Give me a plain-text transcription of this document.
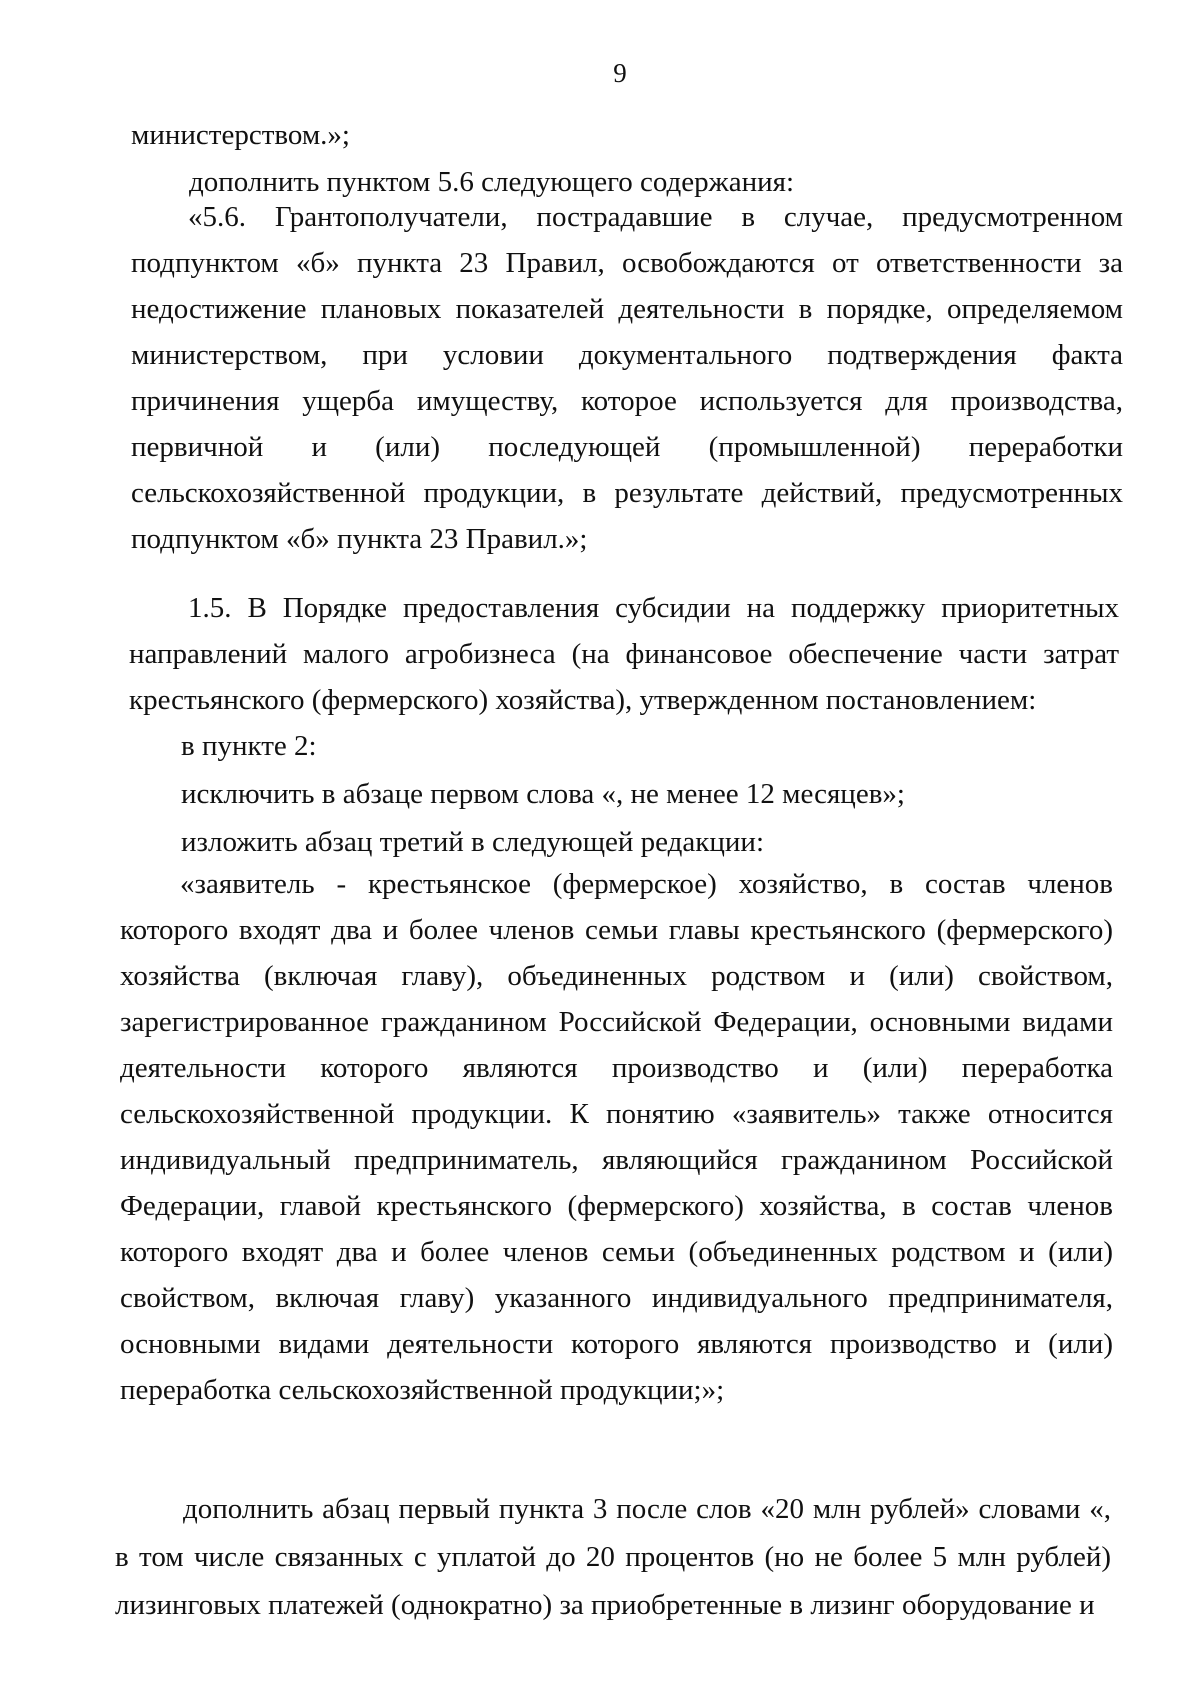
9

министерством.»;

дополнить пунктом 5.6 следующего содержания:

«5.6. Грантополучатели, пострадавшие в случае, предусмотренном подпунктом «б» пункта 23 Правил, освобождаются от ответственности за недостижение плановых показателей деятельности в порядке, определяемом министерством, при условии документального подтверждения факта причинения ущерба имуществу, которое используется для производства, первичной и (или) последующей (промышленной) переработки сельскохозяйственной продукции, в результате действий, предусмотренных подпунктом «б» пункта 23 Правил.»;

1.5. В Порядке предоставления субсидии на поддержку приоритетных направлений малого агробизнеса (на финансовое обеспечение части затрат крестьянского (фермерского) хозяйства), утвержденном постановлением:

в пункте 2:

исключить в абзаце первом слова «, не менее 12 месяцев»;

изложить абзац третий в следующей редакции:

«заявитель - крестьянское (фермерское) хозяйство, в состав членов которого входят два и более членов семьи главы крестьянского (фермерского) хозяйства (включая главу), объединенных родством и (или) свойством, зарегистрированное гражданином Российской Федерации, основными видами деятельности которого являются производство и (или) переработка сельскохозяйственной продукции. К понятию «заявитель» также относится индивидуальный предприниматель, являющийся гражданином Российской Федерации, главой крестьянского (фермерского) хозяйства, в состав членов которого входят два и более членов семьи (объединенных родством и (или) свойством, включая главу) указанного индивидуального предпринимателя, основными видами деятельности которого являются производство и (или) переработка сельскохозяйственной продукции;»;

дополнить абзац первый пункта 3 после слов «20 млн рублей» словами «, в том числе связанных с уплатой до 20 процентов (но не более 5 млн рублей) лизинговых платежей (однократно) за приобретенные в лизинг оборудование и
